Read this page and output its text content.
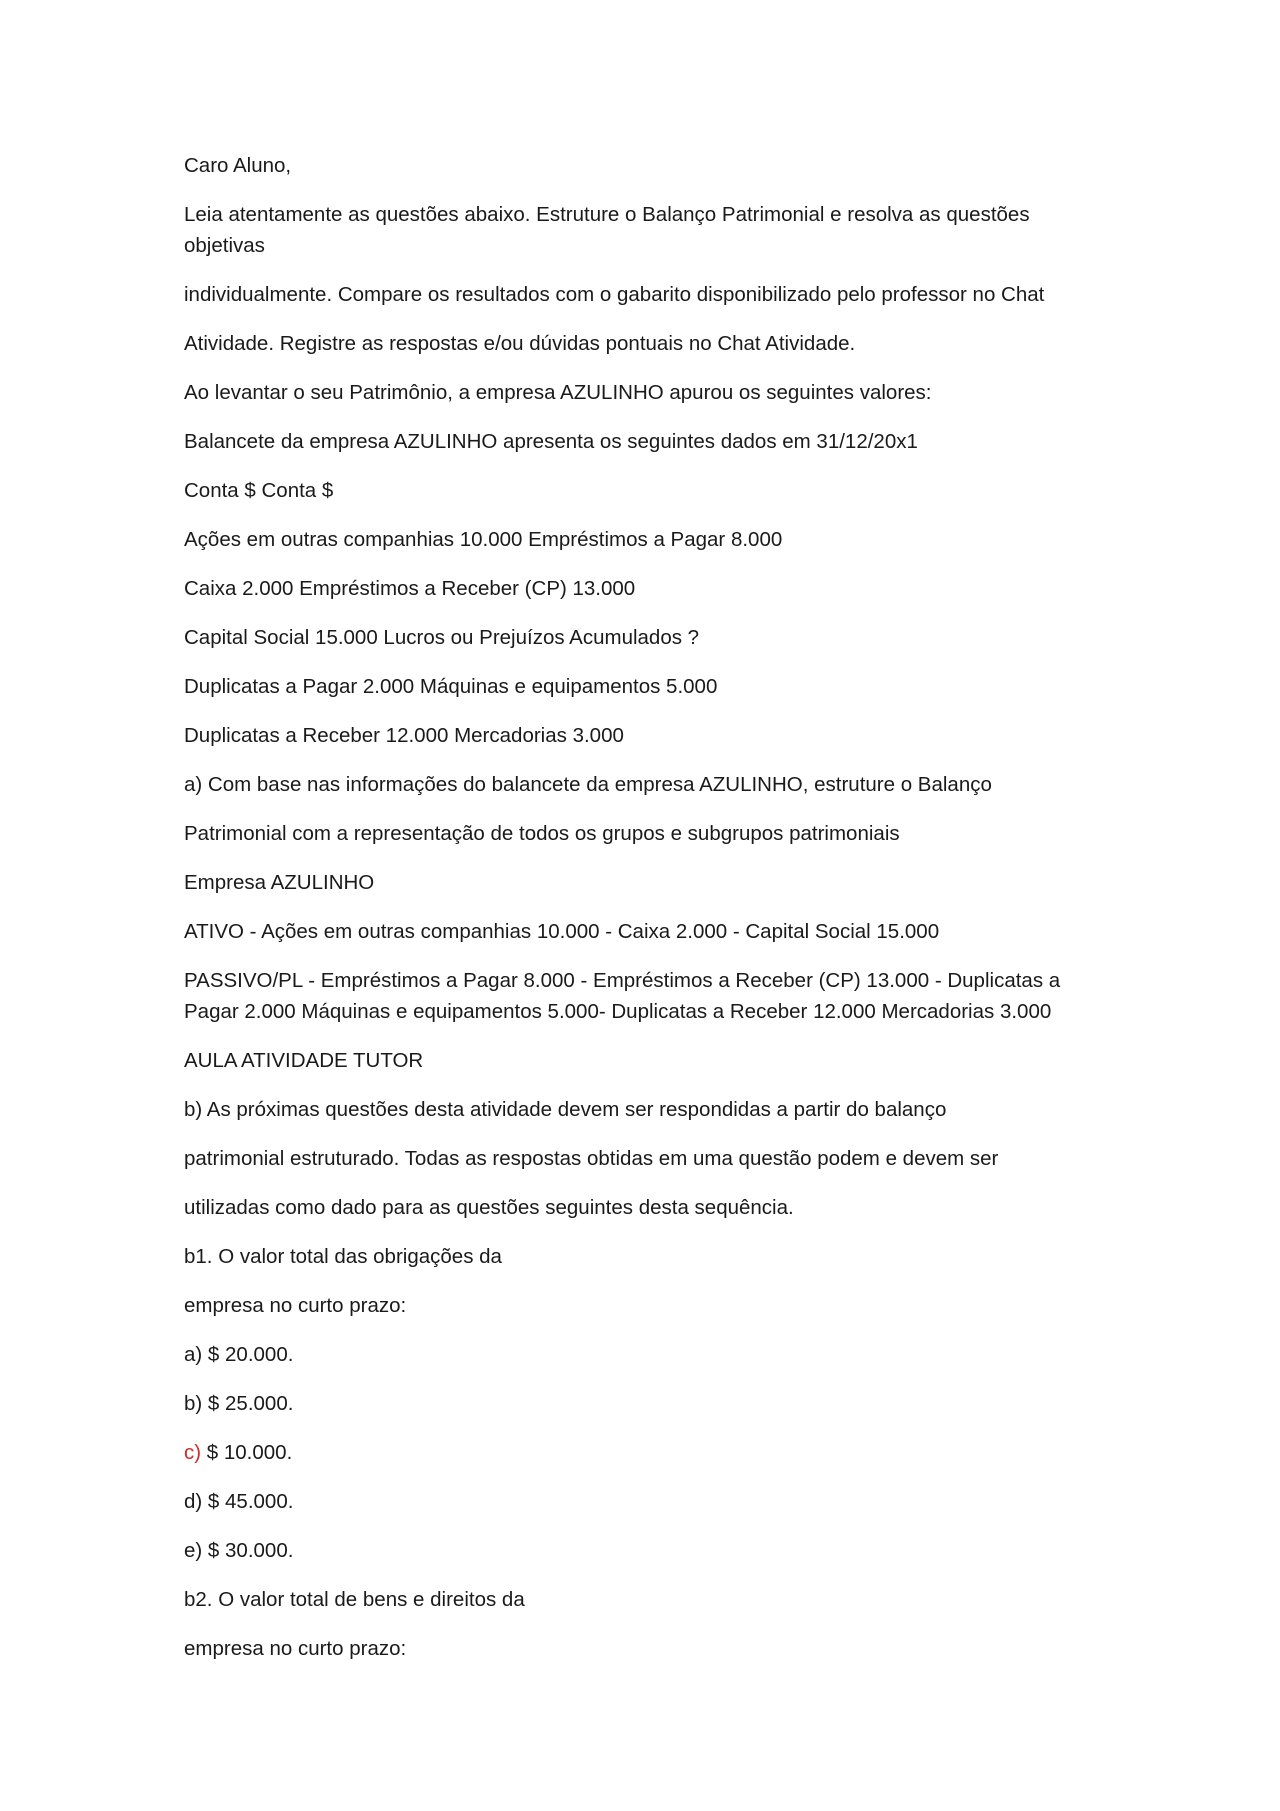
Caro Aluno,

Leia atentamente as questões abaixo. Estruture o Balanço Patrimonial e resolva as questões objetivas

individualmente. Compare os resultados com o gabarito disponibilizado pelo professor no Chat

Atividade. Registre as respostas e/ou dúvidas pontuais no Chat Atividade.

Ao levantar o seu Patrimônio, a empresa AZULINHO apurou os seguintes valores:

Balancete da empresa AZULINHO apresenta os seguintes dados em 31/12/20x1

Conta $ Conta $

Ações em outras companhias 10.000 Empréstimos a Pagar 8.000

Caixa 2.000 Empréstimos a Receber (CP) 13.000

Capital Social 15.000 Lucros ou Prejuízos Acumulados ?

Duplicatas a Pagar 2.000 Máquinas e equipamentos 5.000

Duplicatas a Receber 12.000 Mercadorias 3.000

a) Com base nas informações do balancete da empresa AZULINHO, estruture o Balanço

Patrimonial com a representação de todos os grupos e subgrupos patrimoniais

Empresa AZULINHO

ATIVO - Ações em outras companhias 10.000 - Caixa 2.000 - Capital Social 15.000

PASSIVO/PL - Empréstimos a Pagar 8.000 - Empréstimos a Receber (CP) 13.000 - Duplicatas a Pagar 2.000 Máquinas e equipamentos 5.000- Duplicatas a Receber 12.000 Mercadorias 3.000

AULA ATIVIDADE TUTOR

b) As próximas questões desta atividade devem ser respondidas a partir do balanço

patrimonial estruturado. Todas as respostas obtidas em uma questão podem e devem ser

utilizadas como dado para as questões seguintes desta sequência.

b1. O valor total das obrigações da

empresa no curto prazo:

a) $ 20.000.

b) $ 25.000.

c) $ 10.000.

d) $ 45.000.

e) $ 30.000.

b2. O valor total de bens e direitos da

empresa no curto prazo:
